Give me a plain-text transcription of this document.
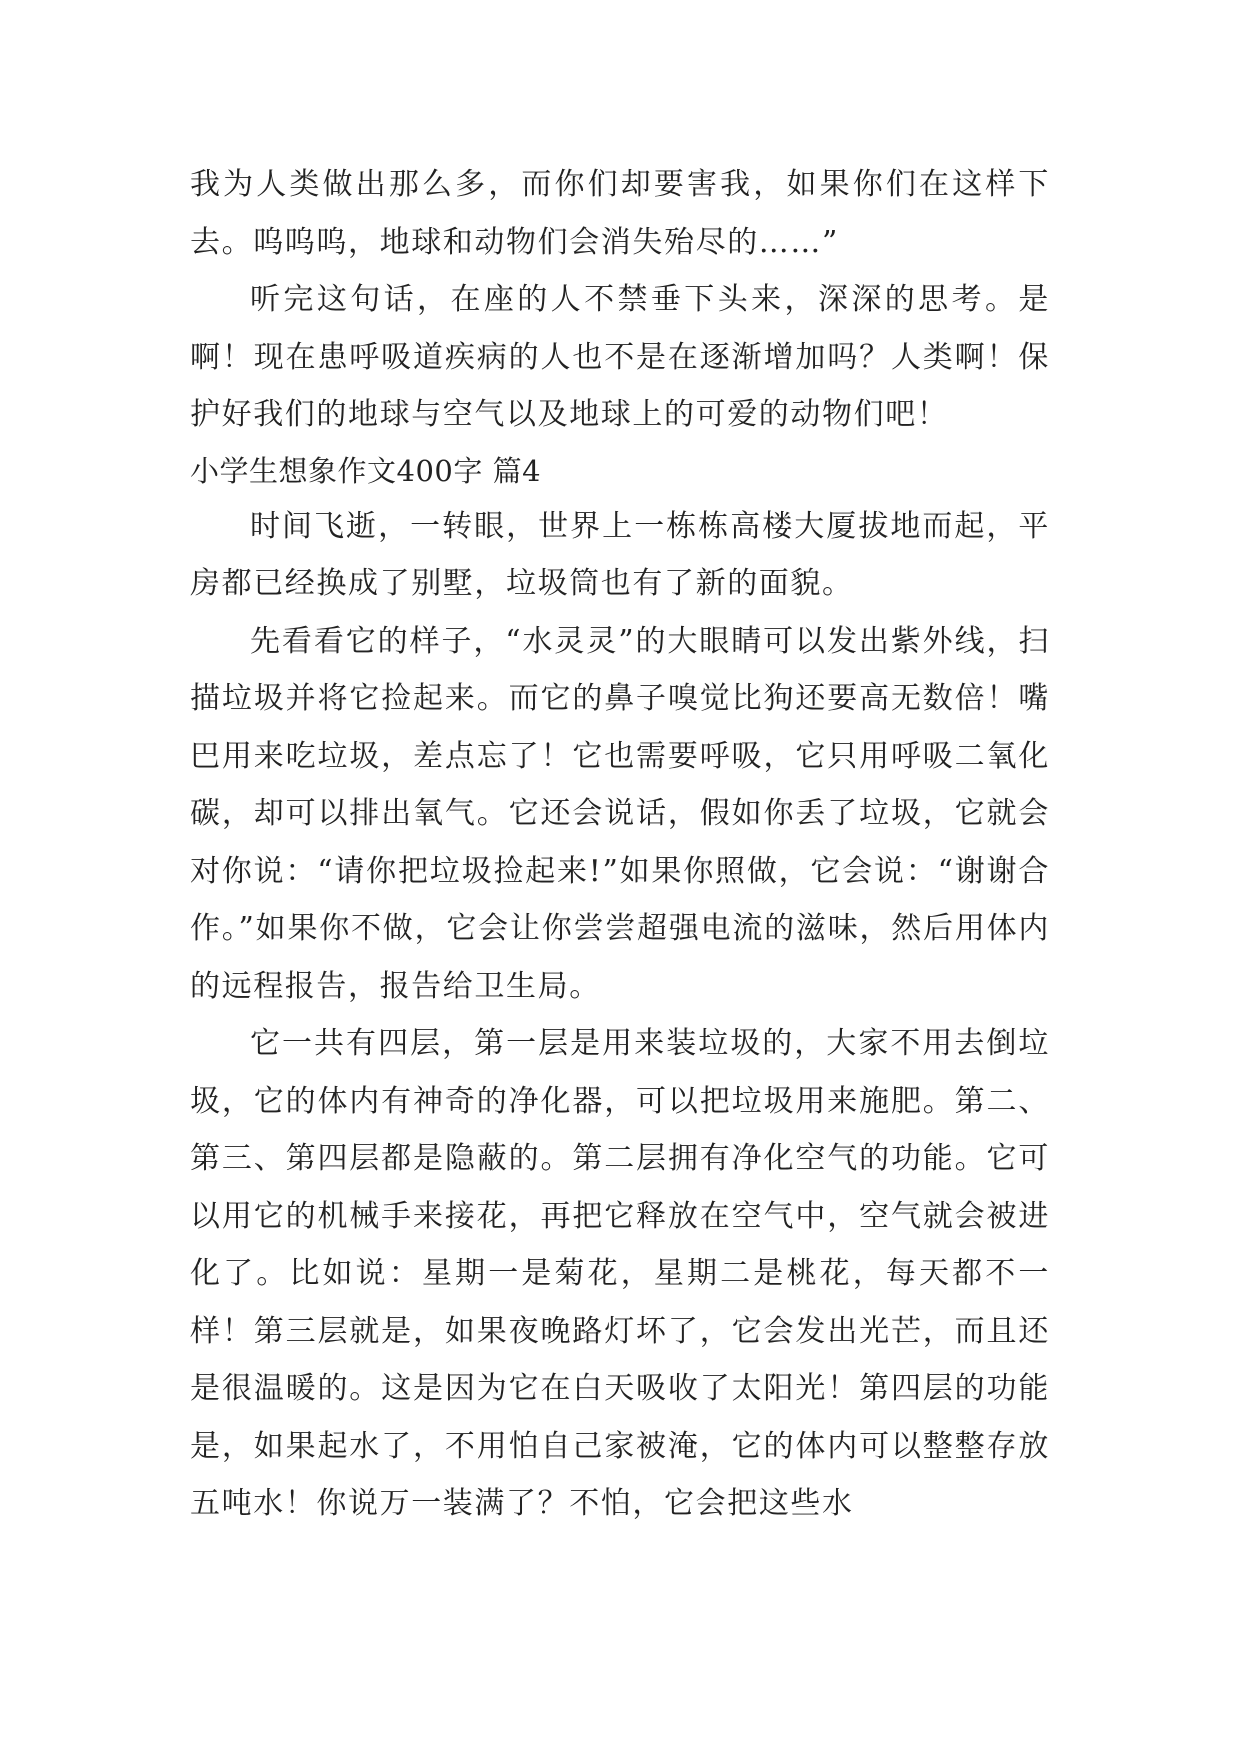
我为人类做出那么多，而你们却要害我，如果你们在这样下去。呜呜呜，地球和动物们会消失殆尽的……”

听完这句话，在座的人不禁垂下头来，深深的思考。是啊！现在患呼吸道疾病的人也不是在逐渐增加吗？人类啊！保护好我们的地球与空气以及地球上的可爱的动物们吧！

小学生想象作文400字 篇4

时间飞逝，一转眼，世界上一栋栋高楼大厦拔地而起，平房都已经换成了别墅，垃圾筒也有了新的面貌。

先看看它的样子，“水灵灵”的大眼睛可以发出紫外线，扫描垃圾并将它捡起来。而它的鼻子嗅觉比狗还要高无数倍！嘴巴用来吃垃圾，差点忘了！它也需要呼吸，它只用呼吸二氧化碳，却可以排出氧气。它还会说话，假如你丢了垃圾，它就会对你说：“请你把垃圾捡起来!”如果你照做，它会说：“谢谢合作。”如果你不做，它会让你尝尝超强电流的滋味，然后用体内的远程报告，报告给卫生局。

它一共有四层，第一层是用来装垃圾的，大家不用去倒垃圾，它的体内有神奇的净化器，可以把垃圾用来施肥。第二、第三、第四层都是隐蔽的。第二层拥有净化空气的功能。它可以用它的机械手来接花，再把它释放在空气中，空气就会被进化了。比如说：星期一是菊花，星期二是桃花，每天都不一样！第三层就是，如果夜晚路灯坏了，它会发出光芒，而且还是很温暖的。这是因为它在白天吸收了太阳光！第四层的功能是，如果起水了，不用怕自己家被淹，它的体内可以整整存放五吨水！你说万一装满了？不怕，它会把这些水
